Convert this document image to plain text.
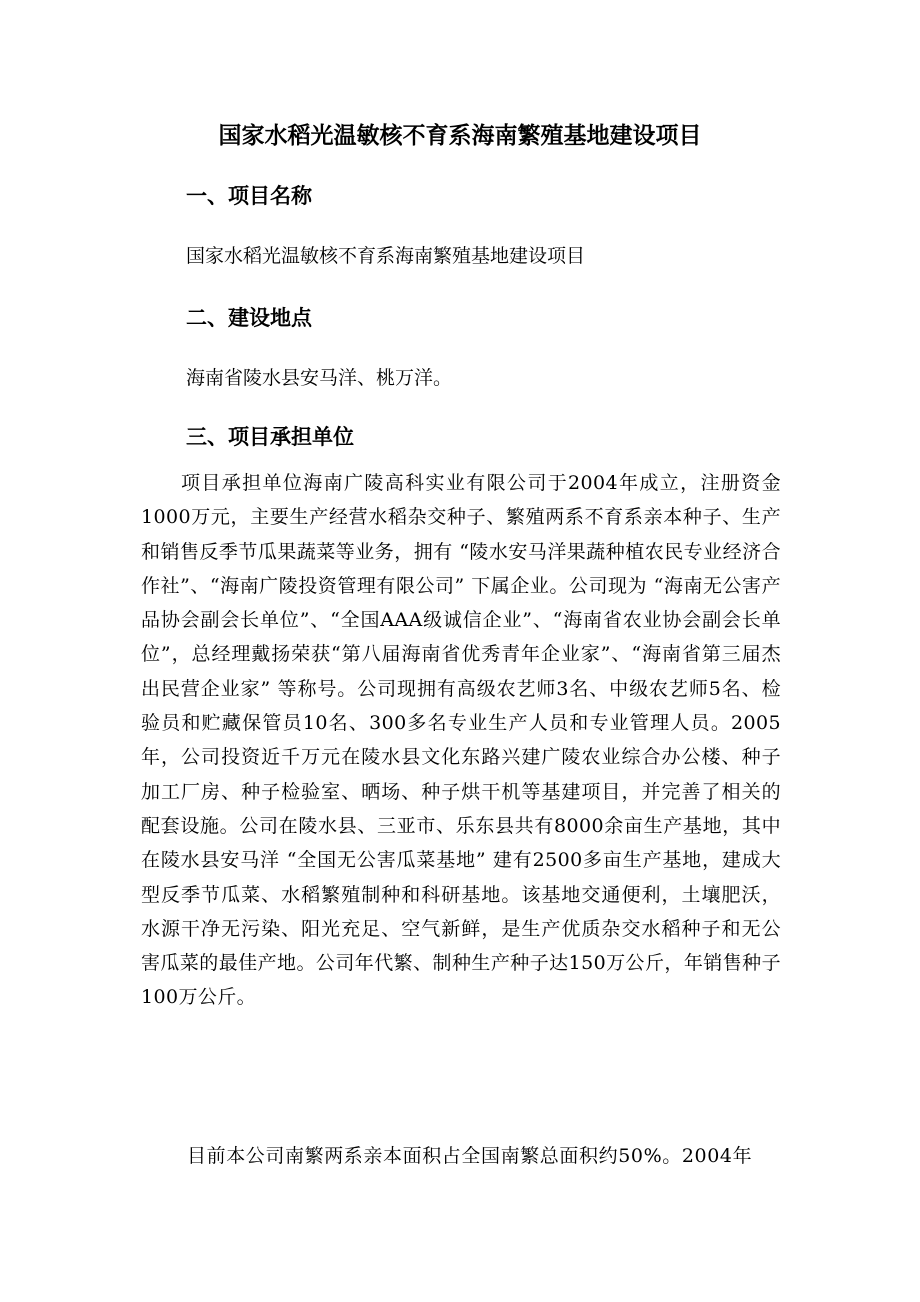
国家水稻光温敏核不育系海南繁殖基地建设项目
一、项目名称

国家水稻光温敏核不育系海南繁殖基地建设项目

二、建设地点

海南省陵水县安马洋、桃万洋。

三、项目承担单位

项目承担单位海南广陵高科实业有限公司于2004年成立，注册资金1000万元，主要生产经营水稻杂交种子、繁殖两系不育系亲本种子、生产和销售反季节瓜果蔬菜等业务，拥有 “陵水安马洋果蔬种植农民专业经济合作社”、“海南广陵投资管理有限公司” 下属企业。公司现为 “海南无公害产品协会副会长单位”、“全国AAA级诚信企业”、“海南省农业协会副会长单位”，总经理戴扬荣获“第八届海南省优秀青年企业家”、“海南省第三届杰出民营企业家” 等称号。公司现拥有高级农艺师3名、中级农艺师5名、检验员和贮藏保管员10名、300多名专业生产人员和专业管理人员。2005年，公司投资近千万元在陵水县文化东路兴建广陵农业综合办公楼、种子加工厂房、种子检验室、晒场、种子烘干机等基建项目，并完善了相关的配套设施。公司在陵水县、三亚市、乐东县共有8000余亩生产基地，其中在陵水县安马洋 “全国无公害瓜菜基地” 建有2500多亩生产基地，建成大型反季节瓜菜、水稻繁殖制种和科研基地。该基地交通便利，土壤肥沃，水源干净无污染、阳光充足、空气新鲜，是生产优质杂交水稻种子和无公害瓜菜的最佳产地。公司年代繁、制种生产种子达150万公斤，年销售种子100万公斤。

目前本公司南繁两系亲本面积占全国南繁总面积约50%。2004年
